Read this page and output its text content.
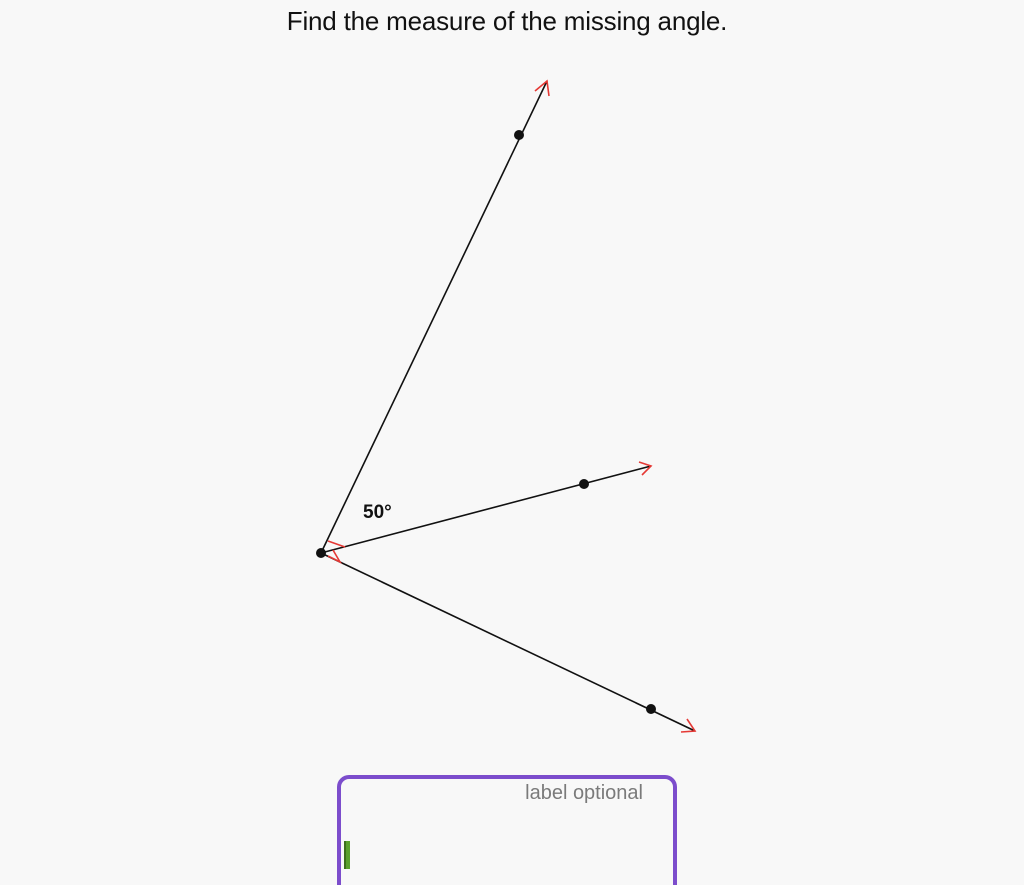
Find the measure of the missing angle.
50°
label optional
